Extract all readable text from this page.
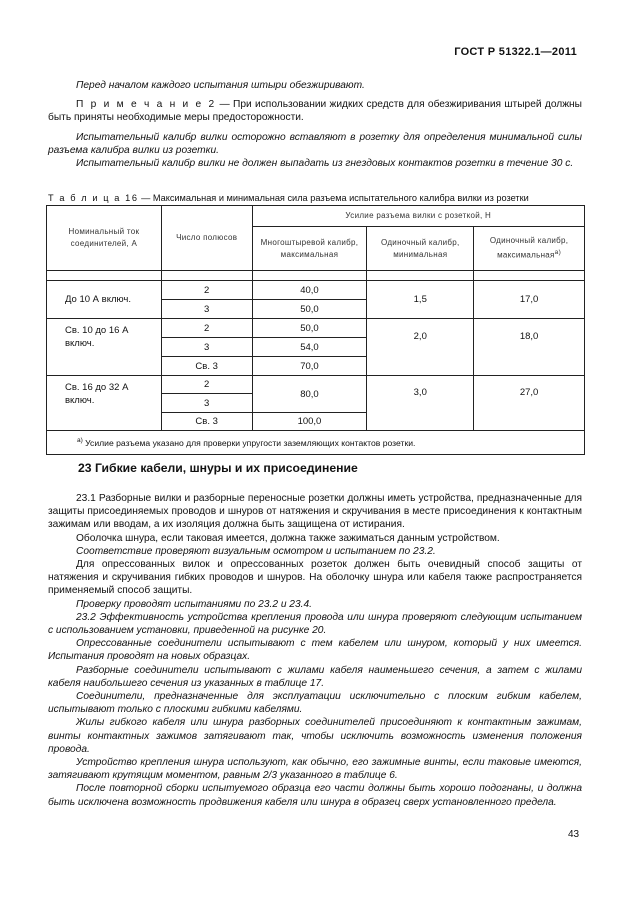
ГОСТ Р 51322.1—2011

Перед началом каждого испытания штыри обезжиривают.

П р и м е ч а н и е 2 — При использовании жидких средств для обезжиривания штырей должны быть приняты необходимые меры предосторожности.

Испытательный калибр вилки осторожно вставляют в розетку для определения минимальной силы разъема калибра вилки из розетки.

Испытательный калибр вилки не должен выпадать из гнездовых контактов розетки в течение 30 с.

Т а б л и ц а 16 — Максимальная и минимальная сила разъема испытательного калибра вилки из розетки
Номинальный ток соединителей, А	Число полюсов	Усилие разъема вилки с розеткой, Н		
		Многоштыревой калибр, максимальная	Одиночный калибр, минимальная	Одиночный калибр, максимальная$^{а)}$

До 10 А включ.	2	40,0	1,5	17,0
	3	50,0		
Св. 10 до 16 А включ.	2	50,0	2,0	18,0
	3	54,0		
	Св. 3	70,0		
Св. 16 до 32 А включ.	2	80,0	3,0	27,0
	3			
	Св. 3	100,0		
$^{а)}$ Усилие разъема указано для проверки упругости заземляющих контактов розетки.				
23 Гибкие кабели, шнуры и их присоединение

23.1 Разборные вилки и разборные переносные розетки должны иметь устройства, предназначенные для защиты присоединяемых проводов и шнуров от натяжения и скручивания в месте присоединения к контактным зажимам или вводам, а их изоляция должна быть защищена от истирания.

Оболочка шнура, если таковая имеется, должна также зажиматься данным устройством.

Соответствие проверяют визуальным осмотром и испытанием по 23.2.

Для опрессованных вилок и опрессованных розеток должен быть очевидный способ защиты от натяжения и скручивания гибких проводов и шнуров. На оболочку шнура или кабеля также распространяется применяемый способ защиты.

Проверку проводят испытаниями по 23.2 и 23.4.

23.2 Эффективность устройства крепления провода или шнура проверяют следующим испытанием с использованием установки, приведенной на рисунке 20.

Опрессованные соединители испытывают с тем кабелем или шнуром, который у них имеется. Испытания проводят на новых образцах.

Разборные соединители испытывают с жилами кабеля наименьшего сечения, а затем с жилами кабеля наибольшего сечения из указанных в таблице 17.

Соединители, предназначенные для эксплуатации исключительно с плоским гибким кабелем, испытывают только с плоскими гибкими кабелями.

Жилы гибкого кабеля или шнура разборных соединителей присоединяют к контактным зажимам, винты контактных зажимов затягивают так, чтобы исключить возможность изменения положения провода.

Устройство крепления шнура используют, как обычно, его зажимные винты, если таковые имеются, затягивают крутящим моментом, равным 2/3 указанного в таблице 6.

После повторной сборки испытуемого образца его части должны быть хорошо подогнаны, и должна быть исключена возможность продвижения кабеля или шнура в образец сверх установленного предела.

43
